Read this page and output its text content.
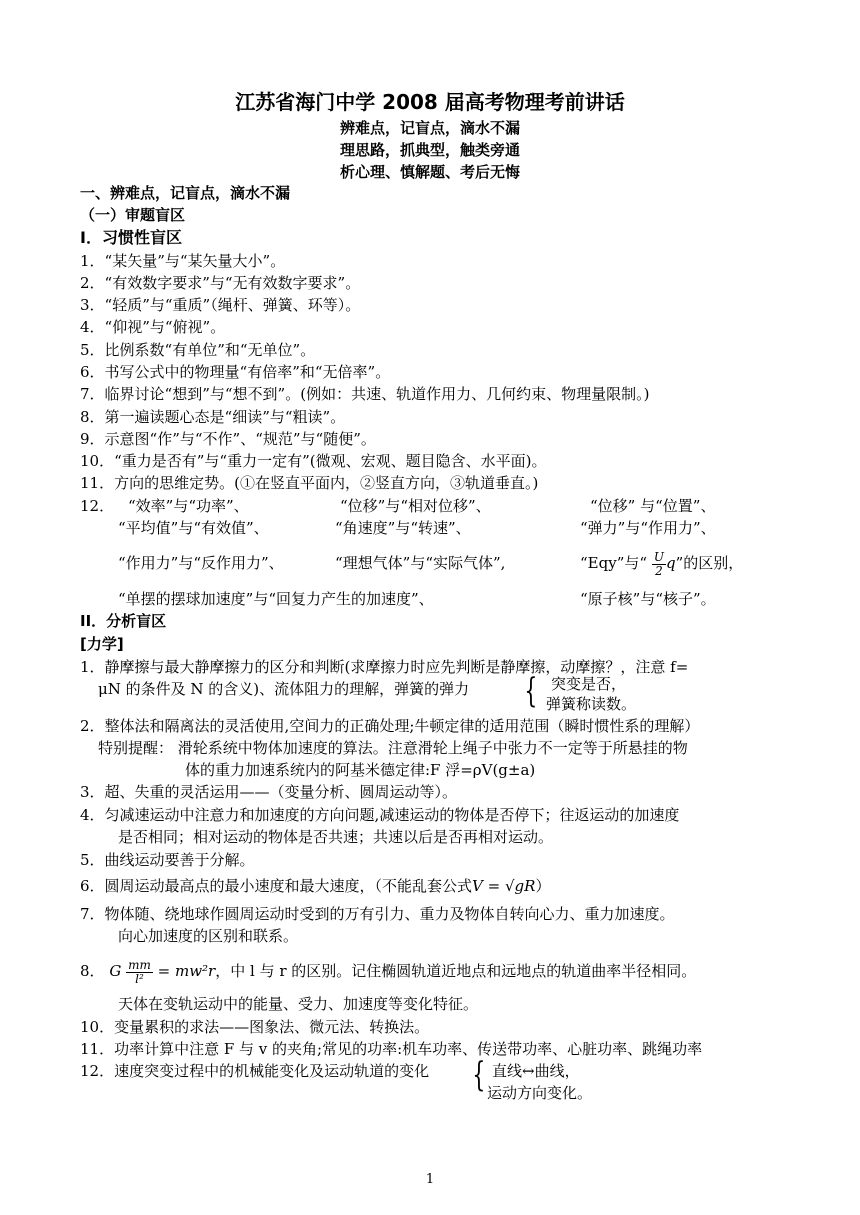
江苏省海门中学 2008 届高考物理考前讲话
辨难点，记盲点，滴水不漏
理思路，抓典型，触类旁通
析心理、慎解题、考后无悔
一、辨难点，记盲点，滴水不漏
（一）审题盲区
I．习惯性盲区
1．“某矢量”与“某矢量大小”。
2．“有效数字要求”与“无有效数字要求”。
3．“轻质”与“重质”（绳杆、弹簧、环等）。
4．“仰视”与“俯视”。
5．比例系数“有单位”和“无单位”。
6．书写公式中的物理量“有倍率”和“无倍率”。
7．临界讨论“想到”与“想不到”。(例如：共速、轨道作用力、几何约束、物理量限制。)
8．第一遍读题心态是“细读”与“粗读”。
9．示意图“作”与“不作”、“规范”与“随便”。
10．“重力是否有”与“重力一定有”(微观、宏观、题目隐含、水平面)。
11．方向的思维定势。(①在竖直平面内，②竖直方向，③轨道垂直。)
12． “效率”与“功率”、	“位移”与“相对位移”、	“位移” 与“位置”、
“平均值”与“有效值”、	“角速度”与“转速”、	“弹力”与“作用力”、
“作用力”与“反作用力”、	“理想气体”与“实际气体”,	“Eqy”与“ $\frac{U}{2} q$”的区别，
“单摆的摆球加速度”与“回复力产生的加速度”、	“原子核”与“核子”。
II．分析盲区
[力学]
1．静摩擦与最大静摩擦力的区分和判断(求摩擦力时应先判断是静摩擦，动摩擦？，注意 f=
μN 的条件及 N 的含义)、流体阻力的理解，弹簧的弹力 { 突变是否，
弹簧称读数。
2．整体法和隔离法的灵活使用,空间力的正确处理;牛顿定律的适用范围（瞬时惯性系的理解）
特别提醒： 滑轮系统中物体加速度的算法。注意滑轮上绳子中张力不一定等于所悬挂的物
体的重力加速系统内的阿基米德定律:F 浮=ρV(g±a)
3．超、失重的灵活运用——（变量分析、圆周运动等）。
4．匀减速运动中注意力和加速度的方向问题,减速运动的物体是否停下；往返运动的加速度
是否相同；相对运动的物体是否共速；共速以后是否再相对运动。
5．曲线运动要善于分解。
6．圆周运动最高点的最小速度和最大速度，（不能乱套公式V = √gR）
7．物体随、绕地球作圆周运动时受到的万有引力、重力及物体自转向心力、重力加速度。
向心加速度的区别和联系。
8． G $\frac{mm}{\text{l²}} = mw^2r$，中 l 与 r 的区别。记住椭圆轨道近地点和远地点的轨道曲率半径相同。
天体在变轨运动中的能量、受力、加速度等变化特征。
10．变量累积的求法——图象法、微元法、转换法。
11．功率计算中注意 F 与 v 的夹角;常见的功率:机车功率、传送带功率、心脏功率、跳绳功率
12．速度突变过程中的机械能变化及运动轨道的变化 { 直线↔曲线，
运动方向变化。
1
